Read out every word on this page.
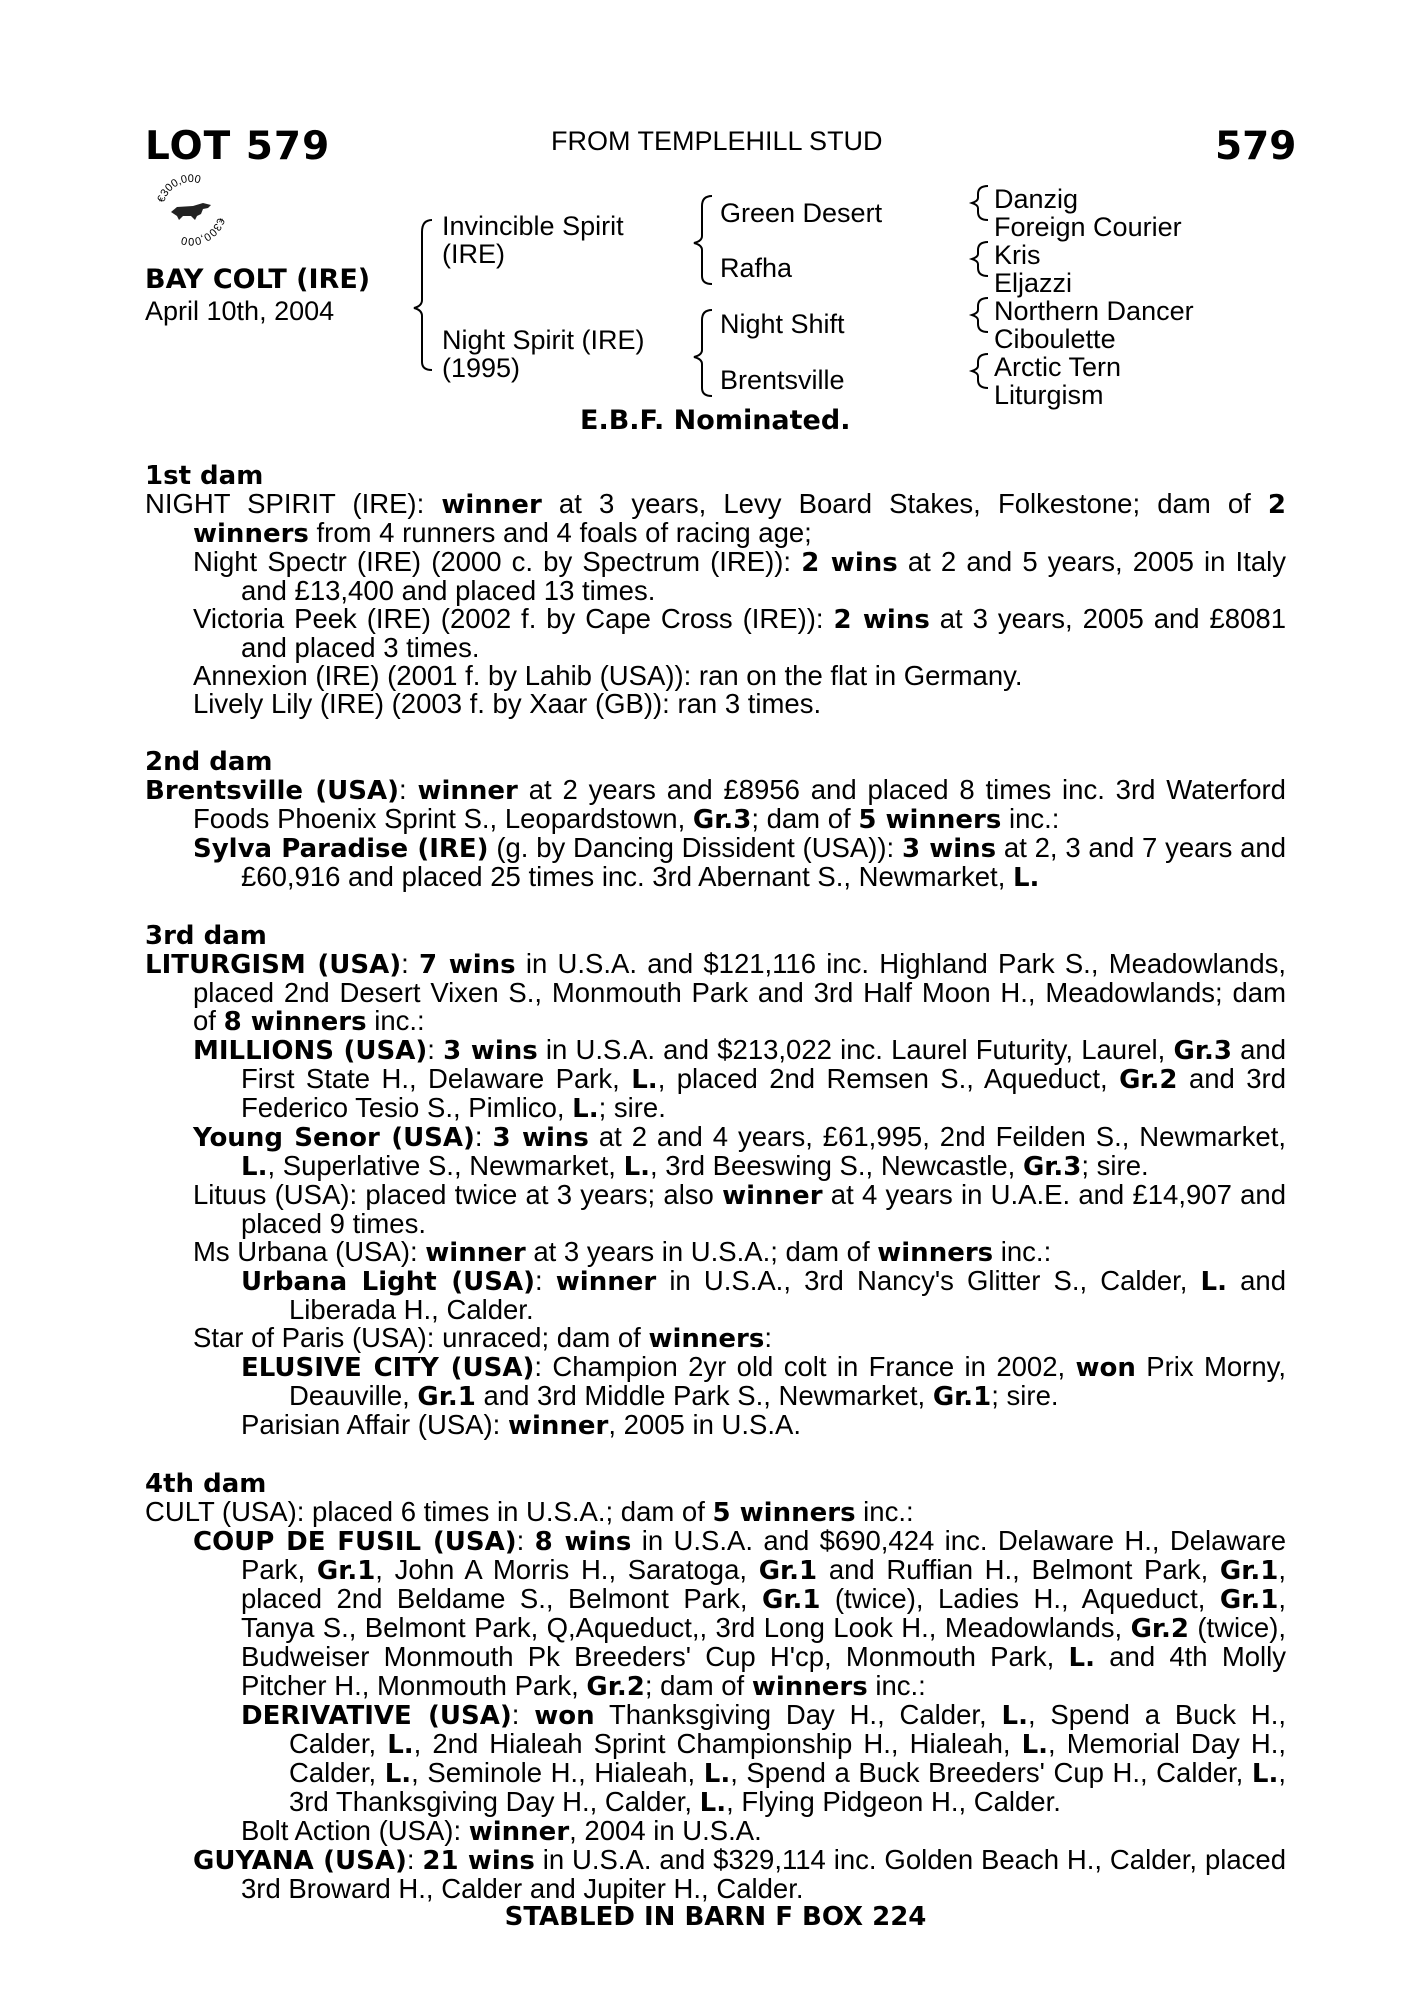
LOT 579	FROM TEMPLEHILL STUD	579
€300,000
€300,000
BAY COLT (IRE)
April 10th, 2004
Invincible Spirit
(IRE)
Night Spirit (IRE)
(1995)
Green Desert
Rafha
Night Shift
Brentsville
Danzig
Foreign Courier
Kris
Eljazzi
Northern Dancer
Ciboulette
Arctic Tern
Liturgism
E.B.F. Nominated.
1st dam

NIGHT SPIRIT (IRE): winner at 3 years, Levy Board Stakes, Folkestone; dam of 2 winners from 4 runners and 4 foals of racing age;

Night Spectr (IRE) (2000 c. by Spectrum (IRE)): 2 wins at 2 and 5 years, 2005 in Italy and £13,400 and placed 13 times.

Victoria Peek (IRE) (2002 f. by Cape Cross (IRE)): 2 wins at 3 years, 2005 and £8081 and placed 3 times.

Annexion (IRE) (2001 f. by Lahib (USA)): ran on the flat in Germany.

Lively Lily (IRE) (2003 f. by Xaar (GB)): ran 3 times.

2nd dam

Brentsville (USA): winner at 2 years and £8956 and placed 8 times inc. 3rd Waterford Foods Phoenix Sprint S., Leopardstown, Gr.3; dam of 5 winners inc.:

Sylva Paradise (IRE) (g. by Dancing Dissident (USA)): 3 wins at 2, 3 and 7 years and £60,916 and placed 25 times inc. 3rd Abernant S., Newmarket, L.

3rd dam

LITURGISM (USA): 7 wins in U.S.A. and $121,116 inc. Highland Park S., Meadowlands, placed 2nd Desert Vixen S., Monmouth Park and 3rd Half Moon H., Meadowlands; dam of 8 winners inc.:

MILLIONS (USA): 3 wins in U.S.A. and $213,022 inc. Laurel Futurity, Laurel, Gr.3 and First State H., Delaware Park, L., placed 2nd Remsen S., Aqueduct, Gr.2 and 3rd Federico Tesio S., Pimlico, L.; sire.

Young Senor (USA): 3 wins at 2 and 4 years, £61,995, 2nd Feilden S., Newmarket, L., Superlative S., Newmarket, L., 3rd Beeswing S., Newcastle, Gr.3; sire.

Lituus (USA): placed twice at 3 years; also winner at 4 years in U.A.E. and £14,907 and placed 9 times.

Ms Urbana (USA): winner at 3 years in U.S.A.; dam of winners inc.:

Urbana Light (USA): winner in U.S.A., 3rd Nancy's Glitter S., Calder, L. and Liberada H., Calder.

Star of Paris (USA): unraced; dam of winners:

ELUSIVE CITY (USA): Champion 2yr old colt in France in 2002, won Prix Morny, Deauville, Gr.1 and 3rd Middle Park S., Newmarket, Gr.1; sire.

Parisian Affair (USA): winner, 2005 in U.S.A.

4th dam

CULT (USA): placed 6 times in U.S.A.; dam of 5 winners inc.:

COUP DE FUSIL (USA): 8 wins in U.S.A. and $690,424 inc. Delaware H., Delaware Park, Gr.1, John A Morris H., Saratoga, Gr.1 and Ruffian H., Belmont Park, Gr.1, placed 2nd Beldame S., Belmont Park, Gr.1 (twice), Ladies H., Aqueduct, Gr.1, Tanya S., Belmont Park, Q,Aqueduct,, 3rd Long Look H., Meadowlands, Gr.2 (twice), Budweiser Monmouth Pk Breeders' Cup H'cp, Monmouth Park, L. and 4th Molly Pitcher H., Monmouth Park, Gr.2; dam of winners inc.:

DERIVATIVE (USA): won Thanksgiving Day H., Calder, L., Spend a Buck H., Calder, L., 2nd Hialeah Sprint Championship H., Hialeah, L., Memorial Day H., Calder, L., Seminole H., Hialeah, L., Spend a Buck Breeders' Cup H., Calder, L., 3rd Thanksgiving Day H., Calder, L., Flying Pidgeon H., Calder.

Bolt Action (USA): winner, 2004 in U.S.A.

GUYANA (USA): 21 wins in U.S.A. and $329,114 inc. Golden Beach H., Calder, placed 3rd Broward H., Calder and Jupiter H., Calder.

STABLED IN BARN F BOX 224
